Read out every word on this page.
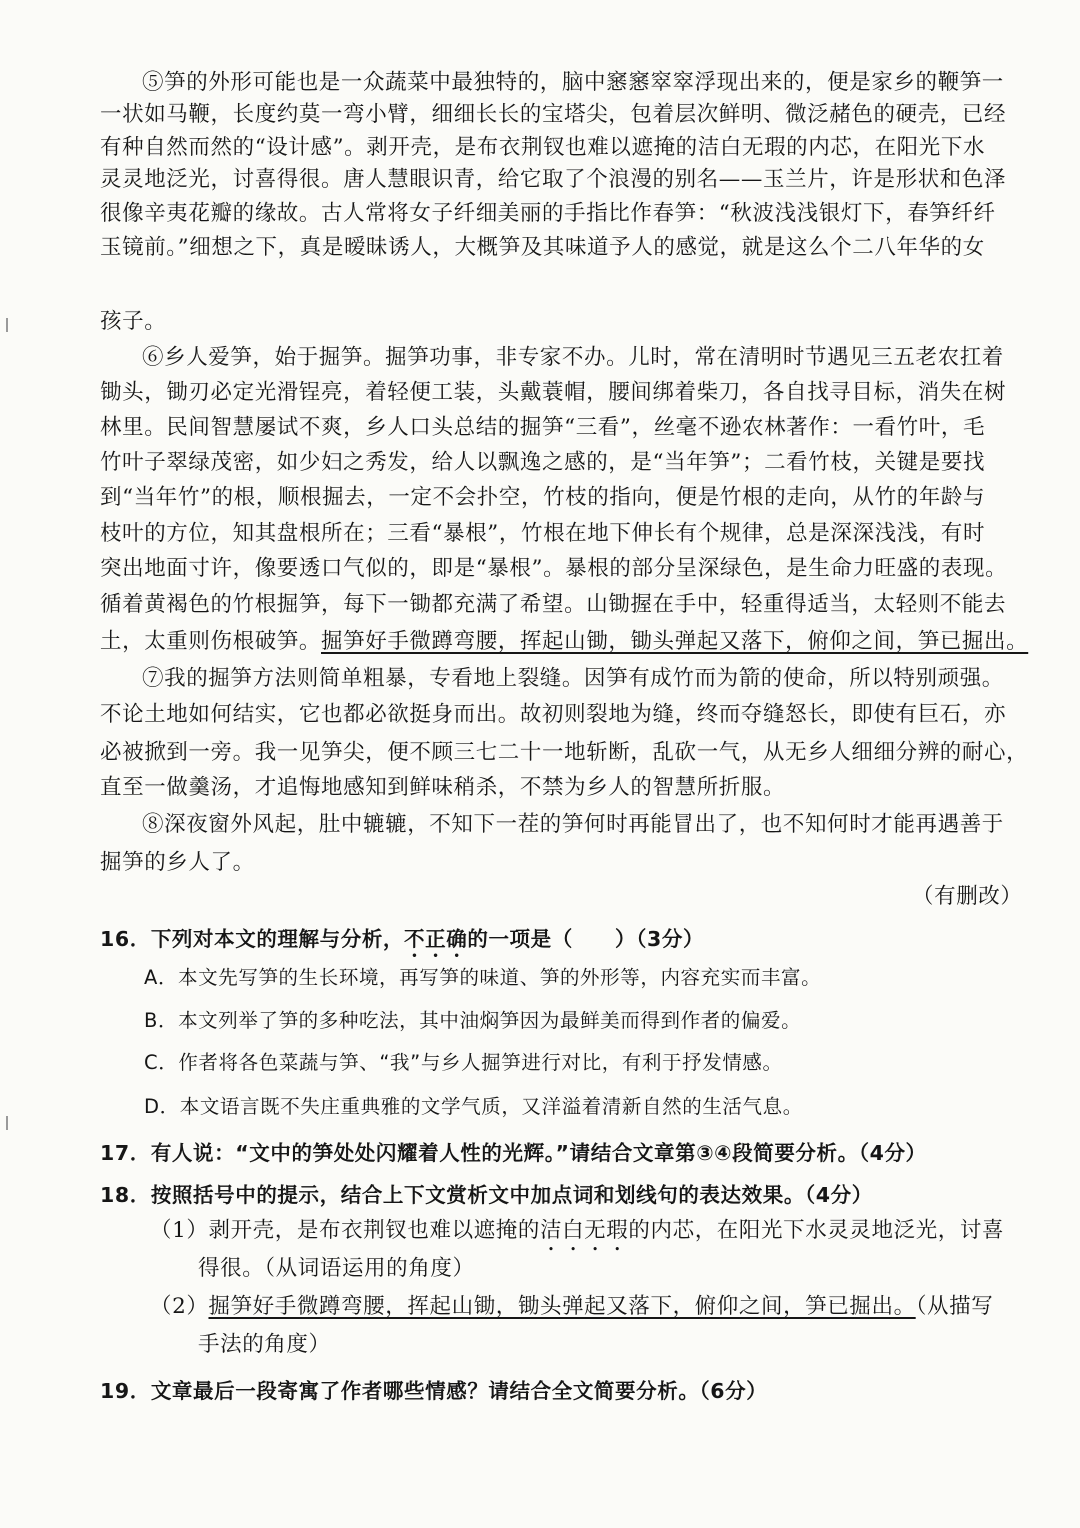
⑤笋的外形可能也是一众蔬菜中最独特的，脑中窸窸窣窣浮现出来的，便是家乡的鞭笋一
一状如马鞭，长度约莫一弯小臂，细细长长的宝塔尖，包着层次鲜明、微泛赭色的硬壳，已经
有种自然而然的“设计感”。剥开壳，是布衣荆钗也难以遮掩的洁白无瑕的内芯，在阳光下水
灵灵地泛光，讨喜得很。唐人慧眼识青，给它取了个浪漫的别名——玉兰片，许是形状和色泽
很像辛夷花瓣的缘故。古人常将女子纤细美丽的手指比作春笋：“秋波浅浅银灯下，春笋纤纤
玉镜前。”细想之下，真是暧昧诱人，大概笋及其味道予人的感觉，就是这么个二八年华的女
孩子。
⑥乡人爱笋，始于掘笋。掘笋功事，非专家不办。儿时，常在清明时节遇见三五老农扛着
锄头，锄刃必定光滑锃亮，着轻便工装，头戴蓑帽，腰间绑着柴刀，各自找寻目标，消失在树
林里。民间智慧屡试不爽，乡人口头总结的掘笋“三看”，丝毫不逊农林著作：一看竹叶，毛
竹叶子翠绿茂密，如少妇之秀发，给人以飘逸之感的，是“当年笋”；二看竹枝，关键是要找
到“当年竹”的根，顺根掘去，一定不会扑空，竹枝的指向，便是竹根的走向，从竹的年龄与
枝叶的方位，知其盘根所在；三看“暴根”，竹根在地下伸长有个规律，总是深深浅浅，有时
突出地面寸许，像要透口气似的，即是“暴根”。暴根的部分呈深绿色，是生命力旺盛的表现。
循着黄褐色的竹根掘笋，每下一锄都充满了希望。山锄握在手中，轻重得适当，太轻则不能去
土，太重则伤根破笋。掘笋好手微蹲弯腰，挥起山锄，锄头弹起又落下，俯仰之间，笋已掘出。
⑦我的掘笋方法则简单粗暴，专看地上裂缝。因笋有成竹而为箭的使命，所以特别顽强。
不论土地如何结实，它也都必欲挺身而出。故初则裂地为缝，终而夺缝怒长，即使有巨石，亦
必被掀到一旁。我一见笋尖，便不顾三七二十一地斩断，乱砍一气，从无乡人细细分辨的耐心，
直至一做羹汤，才追悔地感知到鲜味稍杀，不禁为乡人的智慧所折服。
⑧深夜窗外风起，肚中辘辘，不知下一茬的笋何时再能冒出了，也不知何时才能再遇善于
掘笋的乡人了。
（有删改）
16．下列对本文的理解与分析，不正确的一项是（　　）（3分）
A．本文先写笋的生长环境，再写笋的味道、笋的外形等，内容充实而丰富。
B．本文列举了笋的多种吃法，其中油焖笋因为最鲜美而得到作者的偏爱。
C．作者将各色菜蔬与笋、“我”与乡人掘笋进行对比，有利于抒发情感。
D．本文语言既不失庄重典雅的文学气质，又洋溢着清新自然的生活气息。
17．有人说：“文中的笋处处闪耀着人性的光辉。”请结合文章第③④段简要分析。（4分）
18．按照括号中的提示，结合上下文赏析文中加点词和划线句的表达效果。（4分）
（1）剥开壳，是布衣荆钗也难以遮掩的洁白无瑕的内芯，在阳光下水灵灵地泛光，讨喜
得很。（从词语运用的角度）
（2）掘笋好手微蹲弯腰，挥起山锄，锄头弹起又落下，俯仰之间，笋已掘出。（从描写
手法的角度）
19．文章最后一段寄寓了作者哪些情感？请结合全文简要分析。（6分）
